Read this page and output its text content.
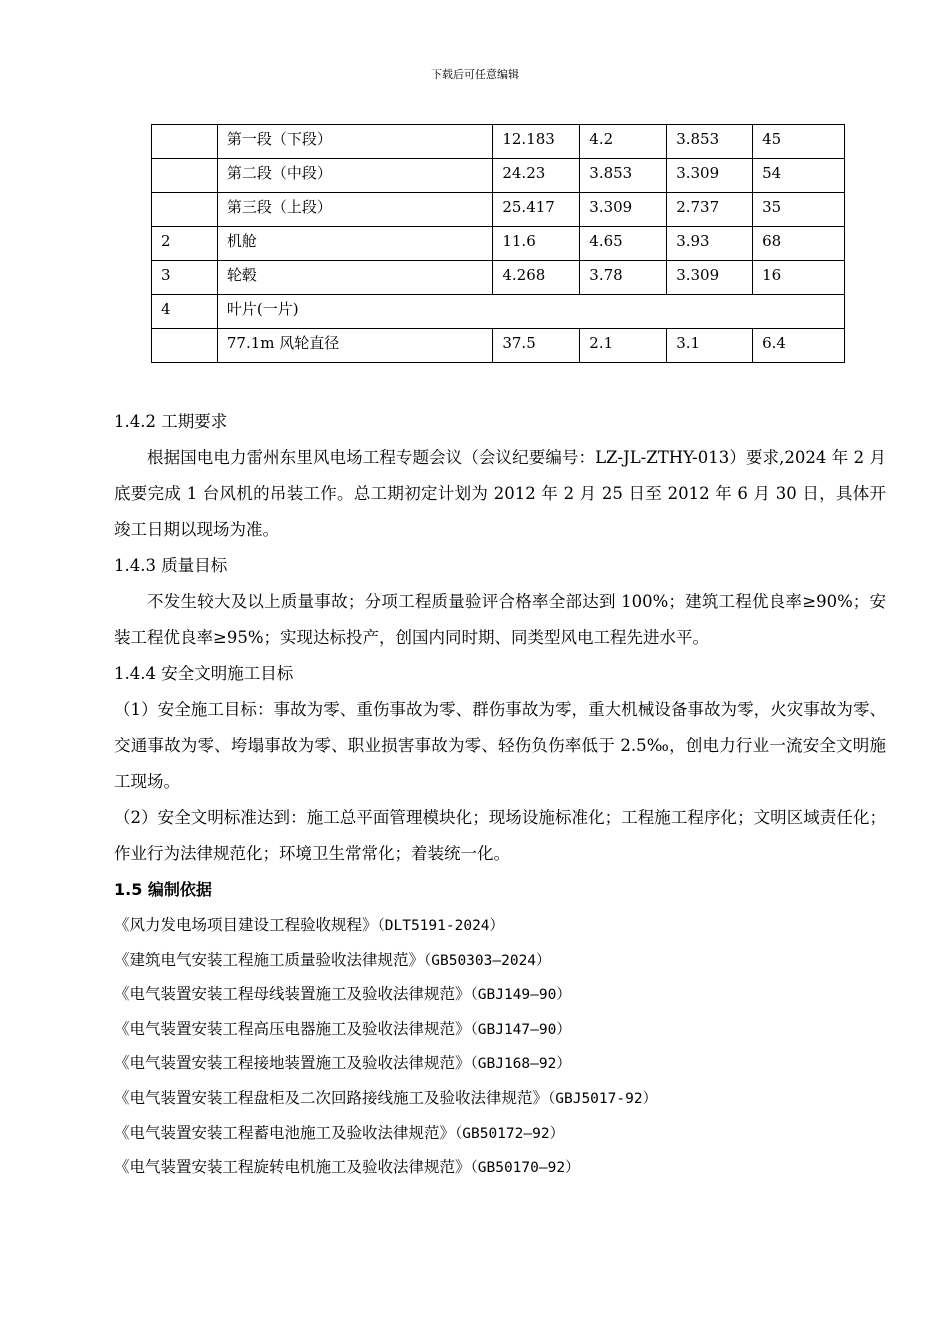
下载后可任意编辑
	第一段（下段）	12.183	4.2	3.853	45
	第二段（中段）	24.23	3.853	3.309	54
	第三段（上段）	25.417	3.309	2.737	35
2	机舱	11.6	4.65	3.93	68
3	轮毂	4.268	3.78	3.309	16
4	叶片(一片)				
	77.1m 风轮直径	37.5	2.1	3.1	6.4
1.4.2 工期要求
根据国电电力雷州东里风电场工程专题会议（会议纪要编号：LZ-JL-ZTHY-013）要求,2024 年 2 月底要完成 1 台风机的吊装工作。总工期初定计划为 2012 年 2 月 25 日至 2012 年 6 月 30 日，具体开竣工日期以现场为准。
1.4.3 质量目标
不发生较大及以上质量事故；分项工程质量验评合格率全部达到 100%；建筑工程优良率≥90%；安装工程优良率≥95%；实现达标投产，创国内同时期、同类型风电工程先进水平。
1.4.4 安全文明施工目标
（1）安全施工目标：事故为零、重伤事故为零、群伤事故为零，重大机械设备事故为零，火灾事故为零、交通事故为零、垮塌事故为零、职业损害事故为零、轻伤负伤率低于 2.5‰，创电力行业一流安全文明施工现场。
（2）安全文明标准达到：施工总平面管理模块化；现场设施标准化；工程施工程序化；文明区域责任化；作业行为法律规范化；环境卫生常常化；着装统一化。
1.5 编制依据
《风力发电场项目建设工程验收规程》（DLT5191-2024）
《建筑电气安装工程施工质量验收法律规范》（GB50303—2024）
《电气装置安装工程母线装置施工及验收法律规范》（GBJ149—90）
《电气装置安装工程高压电器施工及验收法律规范》（GBJ147—90）
《电气装置安装工程接地装置施工及验收法律规范》（GBJ168—92）
《电气装置安装工程盘柜及二次回路接线施工及验收法律规范》（GBJ5017-92）
《电气装置安装工程蓄电池施工及验收法律规范》（GB50172—92）
《电气装置安装工程旋转电机施工及验收法律规范》（GB50170—92）
